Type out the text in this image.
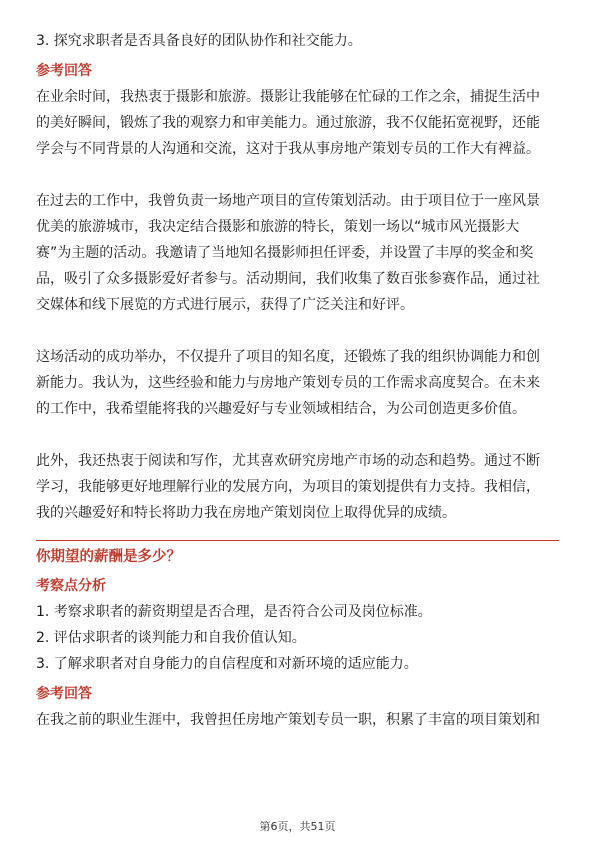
3. 探究求职者是否具备良好的团队协作和社交能力。
参考回答
在业余时间，我热衷于摄影和旅游。摄影让我能够在忙碌的工作之余，捕捉生活中
的美好瞬间，锻炼了我的观察力和审美能力。通过旅游，我不仅能拓宽视野，还能
学会与不同背景的人沟通和交流，这对于我从事房地产策划专员的工作大有裨益。
在过去的工作中，我曾负责一场地产项目的宣传策划活动。由于项目位于一座风景
优美的旅游城市，我决定结合摄影和旅游的特长，策划一场以“城市风光摄影大
赛”为主题的活动。我邀请了当地知名摄影师担任评委，并设置了丰厚的奖金和奖
品，吸引了众多摄影爱好者参与。活动期间，我们收集了数百张参赛作品，通过社
交媒体和线下展览的方式进行展示，获得了广泛关注和好评。
这场活动的成功举办，不仅提升了项目的知名度，还锻炼了我的组织协调能力和创
新能力。我认为，这些经验和能力与房地产策划专员的工作需求高度契合。在未来
的工作中，我希望能将我的兴趣爱好与专业领域相结合，为公司创造更多价值。
此外，我还热衷于阅读和写作，尤其喜欢研究房地产市场的动态和趋势。通过不断
学习，我能够更好地理解行业的发展方向，为项目的策划提供有力支持。我相信，
我的兴趣爱好和特长将助力我在房地产策划岗位上取得优异的成绩。
你期望的薪酬是多少？
考察点分析
1. 考察求职者的薪资期望是否合理，是否符合公司及岗位标准。
2. 评估求职者的谈判能力和自我价值认知。
3. 了解求职者对自身能力的自信程度和对新环境的适应能力。
参考回答
在我之前的职业生涯中，我曾担任房地产策划专员一职，积累了丰富的项目策划和
第6页，共51页
